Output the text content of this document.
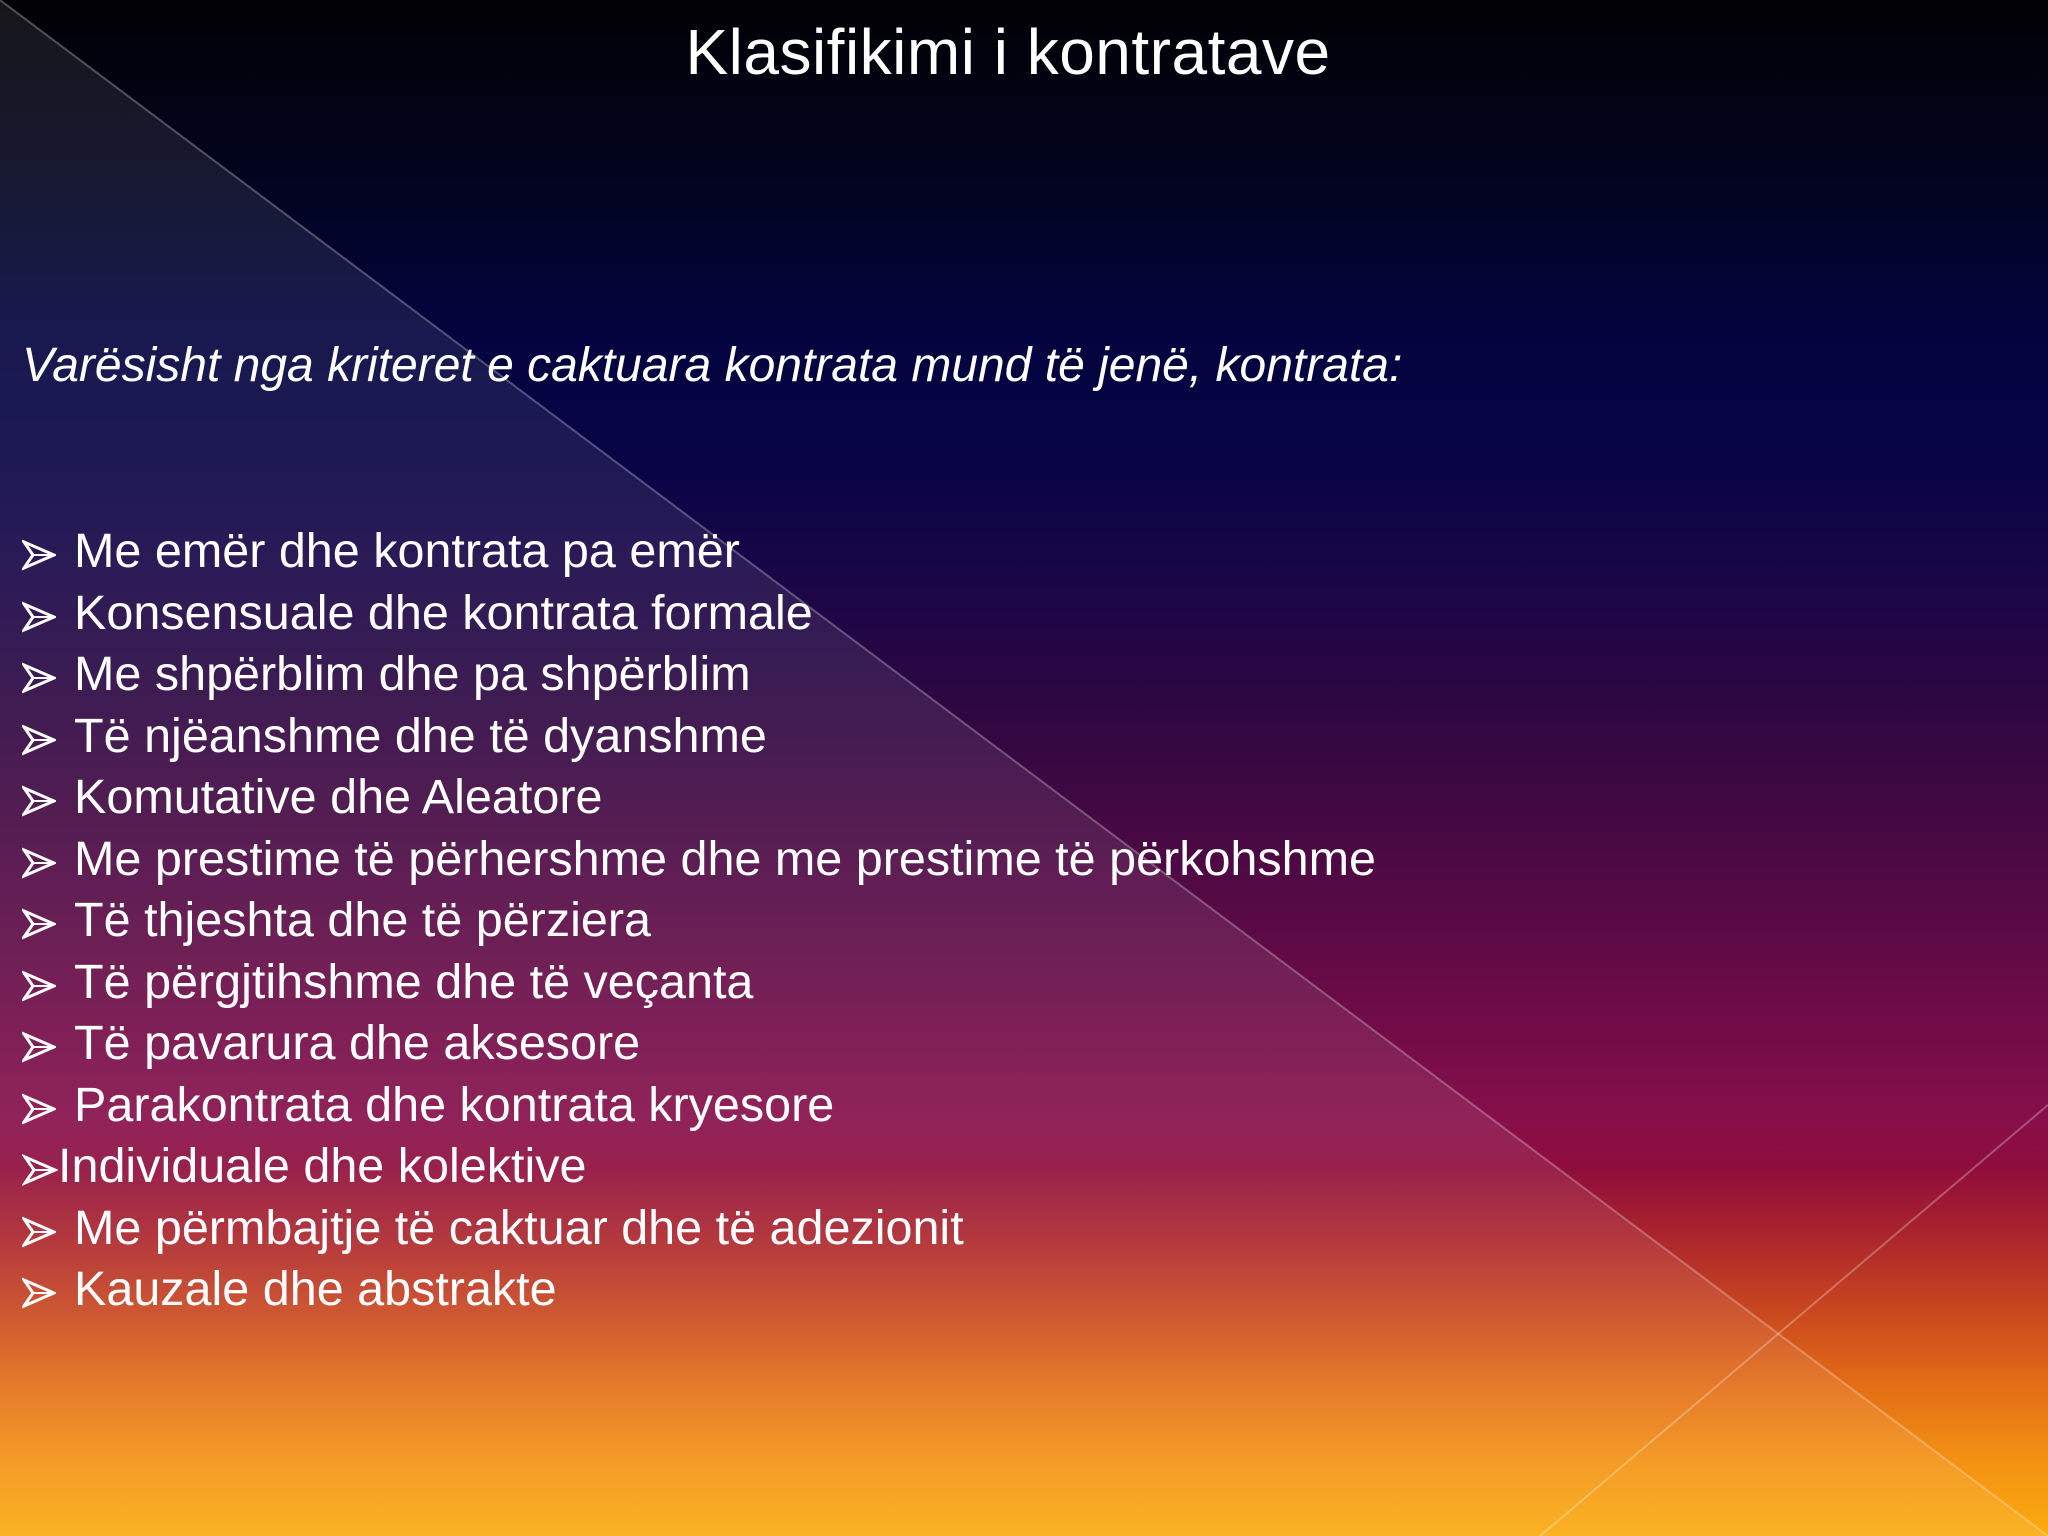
Klasifikimi i kontratave
Varësisht nga kriteret e caktuara kontrata mund të jenë, kontrata:
Me emër dhe kontrata pa emër
Konsensuale dhe kontrata formale
Me shpërblim dhe pa shpërblim
Të njëanshme dhe të dyanshme
Komutative dhe Aleatore
Me prestime të përhershme dhe me prestime të përkohshme
Të thjeshta dhe të përziera
Të përgjtihshme dhe të veçanta
Të pavarura dhe aksesore
Parakontrata dhe kontrata kryesore
Individuale dhe kolektive
Me përmbajtje të caktuar dhe të adezionit
Kauzale dhe abstrakte
